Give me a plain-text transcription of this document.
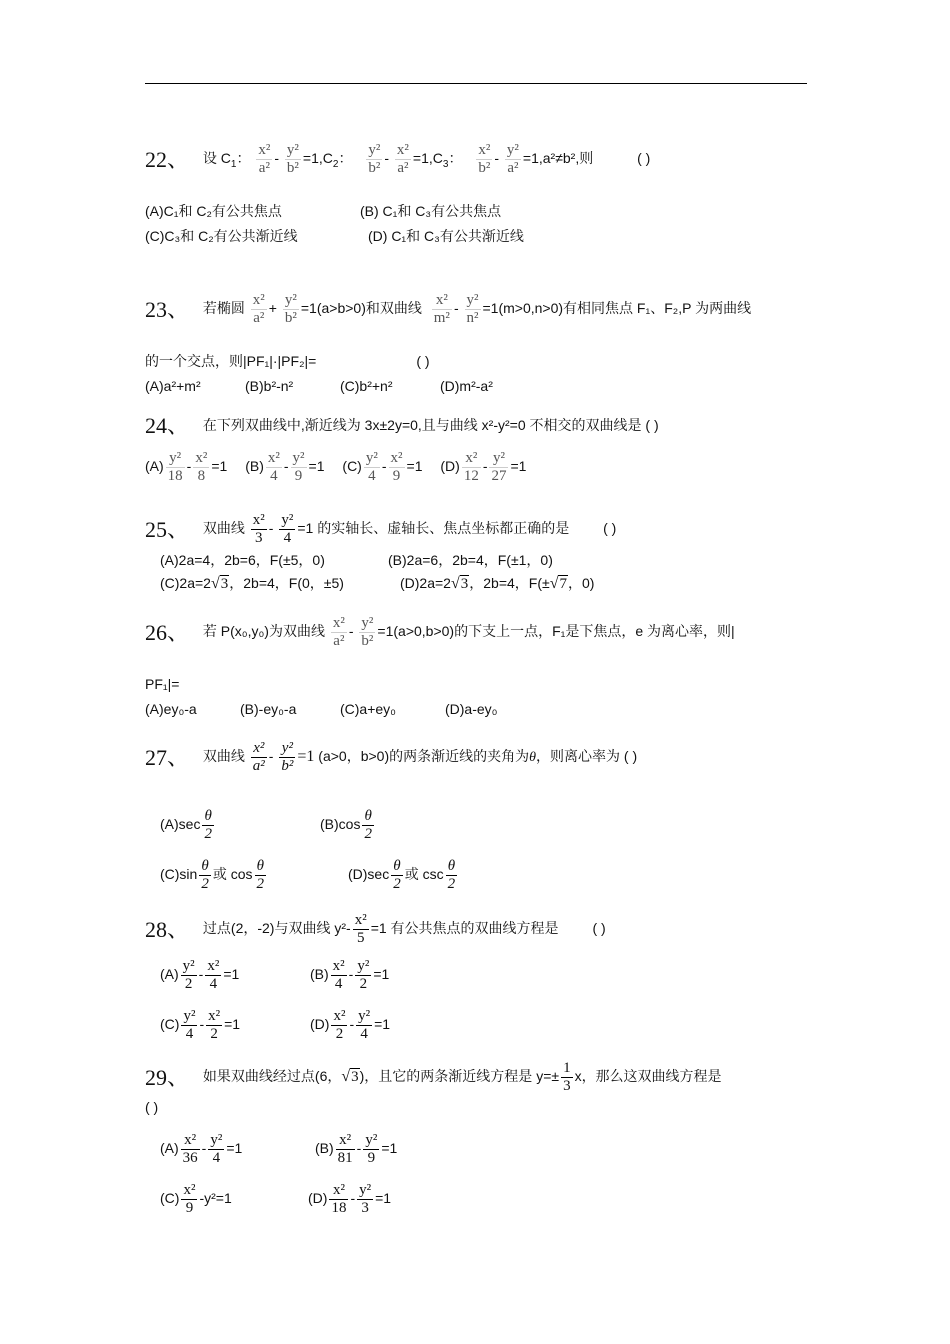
22、 设 $C_1$： $\frac{\text{x²}}{\text{a²}} - \frac{\text{y²}}{\text{b²}} =1,C_2$： $\frac{\text{y²}}{\text{b²}} - \frac{\text{x²}}{\text{a²}} =1,C_3$： $\frac{\text{x²}}{\text{b²}} - \frac{\text{y²}}{\text{a²}} =1,a^2\ne b^2$,则	( )
(A)C₁和 C₂有公共焦点	(B) C₁和 C₃有公共焦点
(C)C₃和 C₂有公共渐近线	(D) C₁和 C₃有公共渐近线
23、 若椭圆 $\frac{\text{x²}}{\text{a²}} + \frac{\text{y²}}{\text{b²}} =1(a>b>0)$和双曲线 $\frac{\text{x²}}{\text{m²}} - \frac{\text{y²}}{\text{n²}} =1(m>0,n>0)$有相同焦点 F₁、F₂,P 为两曲线
的一个交点，则|PF₁|·|PF₂|=	( )
(A)a²+m²	(B)b²-n²	(C)b²+n²	(D)m²-a²
24、 在下列双曲线中,渐近线为 3x±2y=0,且与曲线 x²-y²=0 不相交的双曲线是 ( )
$(A) \frac{\text{y²}}{18} - \frac{\text{x²}}{8} =1$ $(B) \frac{\text{x²}}{4} - \frac{\text{y²}}{9} =1$ $(C) \frac{\text{y²}}{4} - \frac{\text{x²}}{9} =1$ $(D) \frac{\text{x²}}{12} - \frac{\text{y²}}{27} =1$
25、 双曲线 $\frac{\text{x²}}{3} - \frac{\text{y²}}{4} =1$ 的实轴长、虚轴长、焦点坐标都正确的是 ( )
(A)2a=4，2b=6，F(±5，0)	(B)2a=6，2b=4，F(±1，0)
(C)2a=2√3，2b=4，F(0，±5)	(D)2a=2√3，2b=4，F(±√7，0)
26、 若 P(x₀,y₀)为双曲线 $\frac{\text{x²}}{\text{a²}} - \frac{\text{y²}}{\text{b²}} =1(a>0,b>0)$的下支上一点，F₁是下焦点，e 为离心率，则|
PF₁|=
(A)ey₀-a	(B)-ey₀-a	(C)a+ey₀	(D)a-ey₀
27、 双曲线 $\frac{\text{x²}}{\text{a²}} - \frac{\text{y²}}{\text{b²}} =1$ (a>0，b>0)的两条渐近线的夹角为θ，则离心率为 ( )
$(A)\sec \frac{\theta}{2}$	$(B)\cos \frac{\theta}{2}$
$(C)\sin \frac{\theta}{2}$ 或 $\cos \frac{\theta}{2}$	$(D)\sec \frac{\theta}{2}$ 或 $\csc \frac{\theta}{2}$
28、 过点(2，-2)与双曲线 $y^2- \frac{\text{x²}}{5} =1$ 有公共焦点的双曲线方程是 ( )
$(A) \frac{\text{y²}}{2} - \frac{\text{x²}}{4} =1$	$(B) \frac{\text{x²}}{4} - \frac{\text{y²}}{2} =1$
$(C) \frac{\text{y²}}{4} - \frac{\text{x²}}{2} =1$	$(D) \frac{\text{x²}}{2} - \frac{\text{y²}}{4} =1$
29、 如果双曲线经过点(6，√3)，且它的两条渐近线方程是 $y=\pm \frac{1}{3}$ x，那么这双曲线方程是
( )
$(A) \frac{\text{x²}}{36} - \frac{\text{y²}}{4} =1$	$(B) \frac{\text{x²}}{81} - \frac{\text{y²}}{9} =1$
$(C) \frac{\text{x²}}{9} -y^2=1$	$(D) \frac{\text{x²}}{18} - \frac{\text{y²}}{3} =1$
